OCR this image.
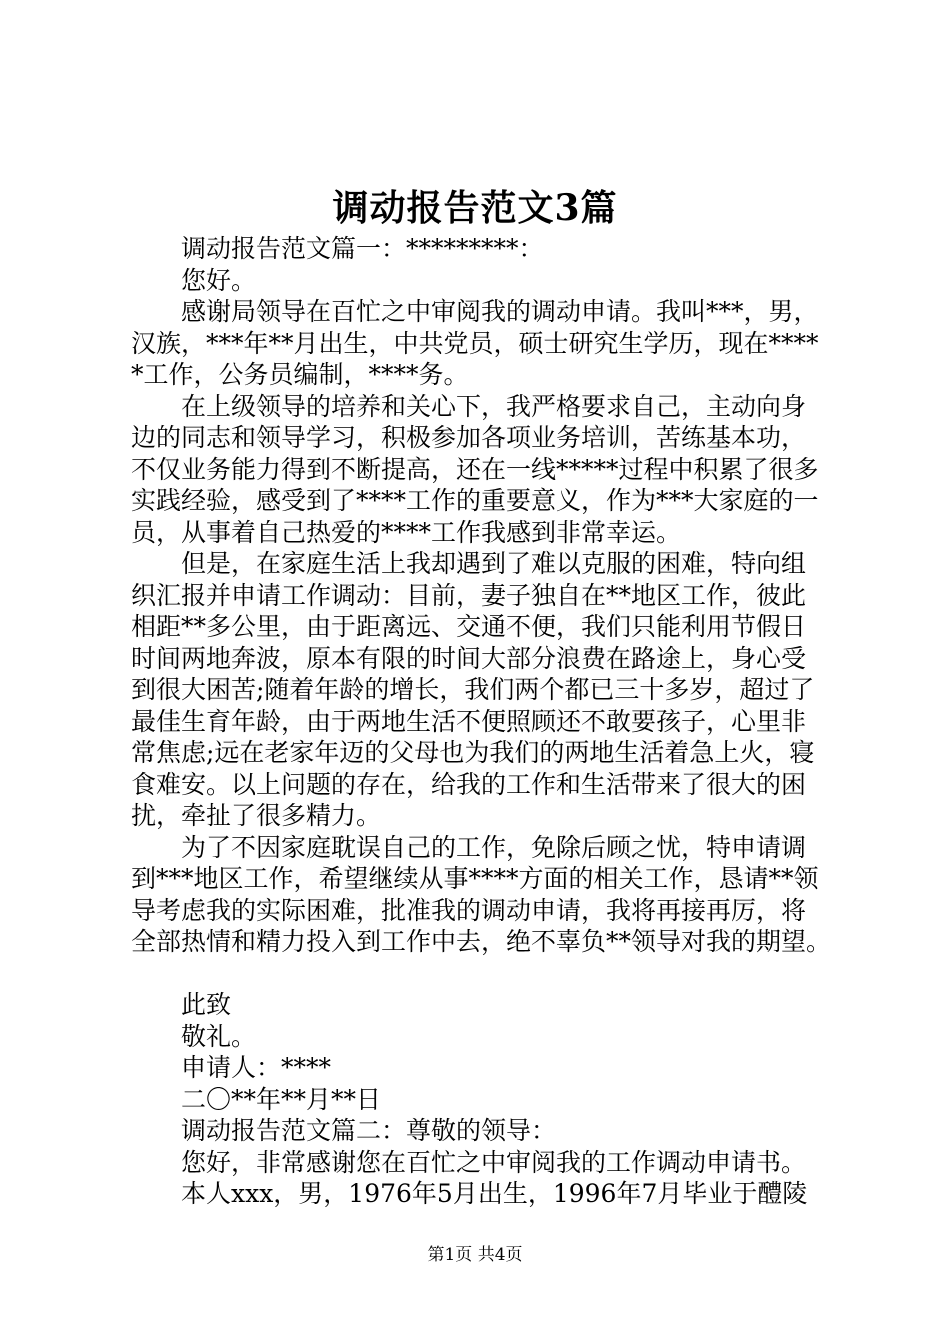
调动报告范文3篇
调动报告范文篇一：*********：
您好。
感谢局领导在百忙之中审阅我的调动申请。我叫***，男，
汉族，***年**月出生，中共党员，硕士研究生学历，现在****
*工作，公务员编制，****务。
在上级领导的培养和关心下，我严格要求自己，主动向身
边的同志和领导学习，积极参加各项业务培训，苦练基本功，
不仅业务能力得到不断提高，还在一线*****过程中积累了很多
实践经验，感受到了****工作的重要意义，作为***大家庭的一
员，从事着自己热爱的****工作我感到非常幸运。
但是，在家庭生活上我却遇到了难以克服的困难，特向组
织汇报并申请工作调动：目前，妻子独自在**地区工作，彼此
相距**多公里，由于距离远、交通不便，我们只能利用节假日
时间两地奔波，原本有限的时间大部分浪费在路途上，身心受
到很大困苦;随着年龄的增长，我们两个都已三十多岁，超过了
最佳生育年龄，由于两地生活不便照顾还不敢要孩子，心里非
常焦虑;远在老家年迈的父母也为我们的两地生活着急上火，寝
食难安。以上问题的存在，给我的工作和生活带来了很大的困
扰，牵扯了很多精力。
为了不因家庭耽误自己的工作，免除后顾之忧，特申请调
到***地区工作，希望继续从事****方面的相关工作，恳请**领
导考虑我的实际困难，批准我的调动申请，我将再接再厉，将
全部热情和精力投入到工作中去，绝不辜负**领导对我的期望。
此致
敬礼。
申请人：****
二〇**年**月**日
调动报告范文篇二：尊敬的领导：
您好，非常感谢您在百忙之中审阅我的工作调动申请书。
本人xxx，男，1976年5月出生，1996年7月毕业于醴陵
第1页 共4页
